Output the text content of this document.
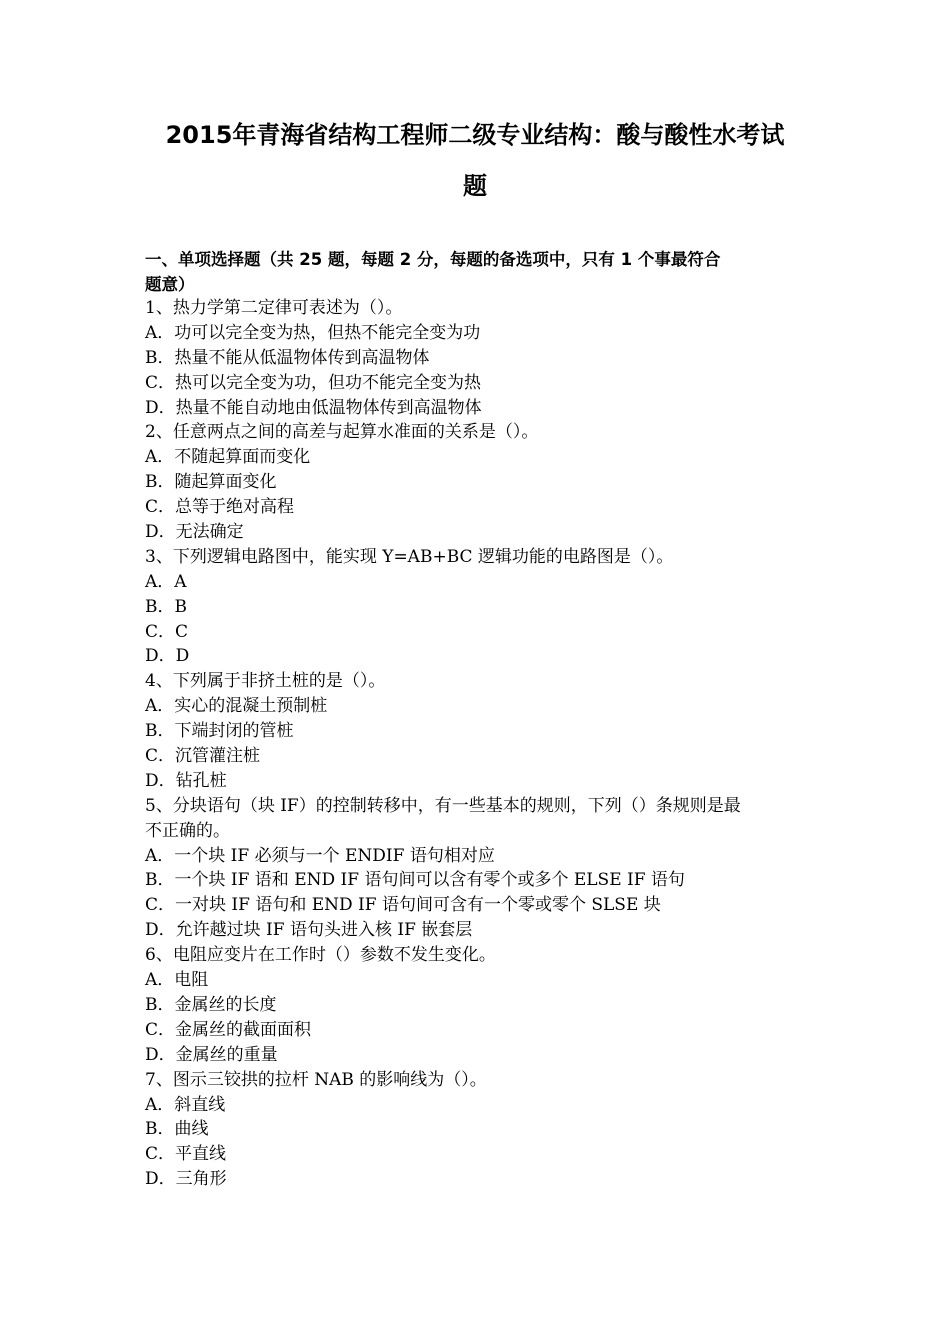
2015年青海省结构工程师二级专业结构：酸与酸性水考试
题
一、单项选择题（共 25 题，每题 2 分，每题的备选项中，只有 1 个事最符合
题意）
1、热力学第二定律可表述为（）。
A．功可以完全变为热，但热不能完全变为功
B．热量不能从低温物体传到高温物体
C．热可以完全变为功，但功不能完全变为热
D．热量不能自动地由低温物体传到高温物体
2、任意两点之间的高差与起算水准面的关系是（）。
A．不随起算面而变化
B．随起算面变化
C．总等于绝对高程
D．无法确定
3、下列逻辑电路图中，能实现 Y=AB+BC 逻辑功能的电路图是（）。
A．A
B．B
C．C
D．D
4、下列属于非挤土桩的是（）。
A．实心的混凝土预制桩
B．下端封闭的管桩
C．沉管灌注桩
D．钻孔桩
5、分块语句（块 IF）的控制转移中，有一些基本的规则，下列（）条规则是最
不正确的。
A．一个块 IF 必须与一个 ENDIF 语句相对应
B．一个块 IF 语和 END IF 语句间可以含有零个或多个 ELSE IF 语句
C．一对块 IF 语句和 END IF 语句间可含有一个零或零个 SLSE 块
D．允许越过块 IF 语句头进入核 IF 嵌套层
6、电阻应变片在工作时（）参数不发生变化。
A．电阻
B．金属丝的长度
C．金属丝的截面面积
D．金属丝的重量
7、图示三铰拱的拉杆 NAB 的影响线为（）。
A．斜直线
B．曲线
C．平直线
D．三角形
